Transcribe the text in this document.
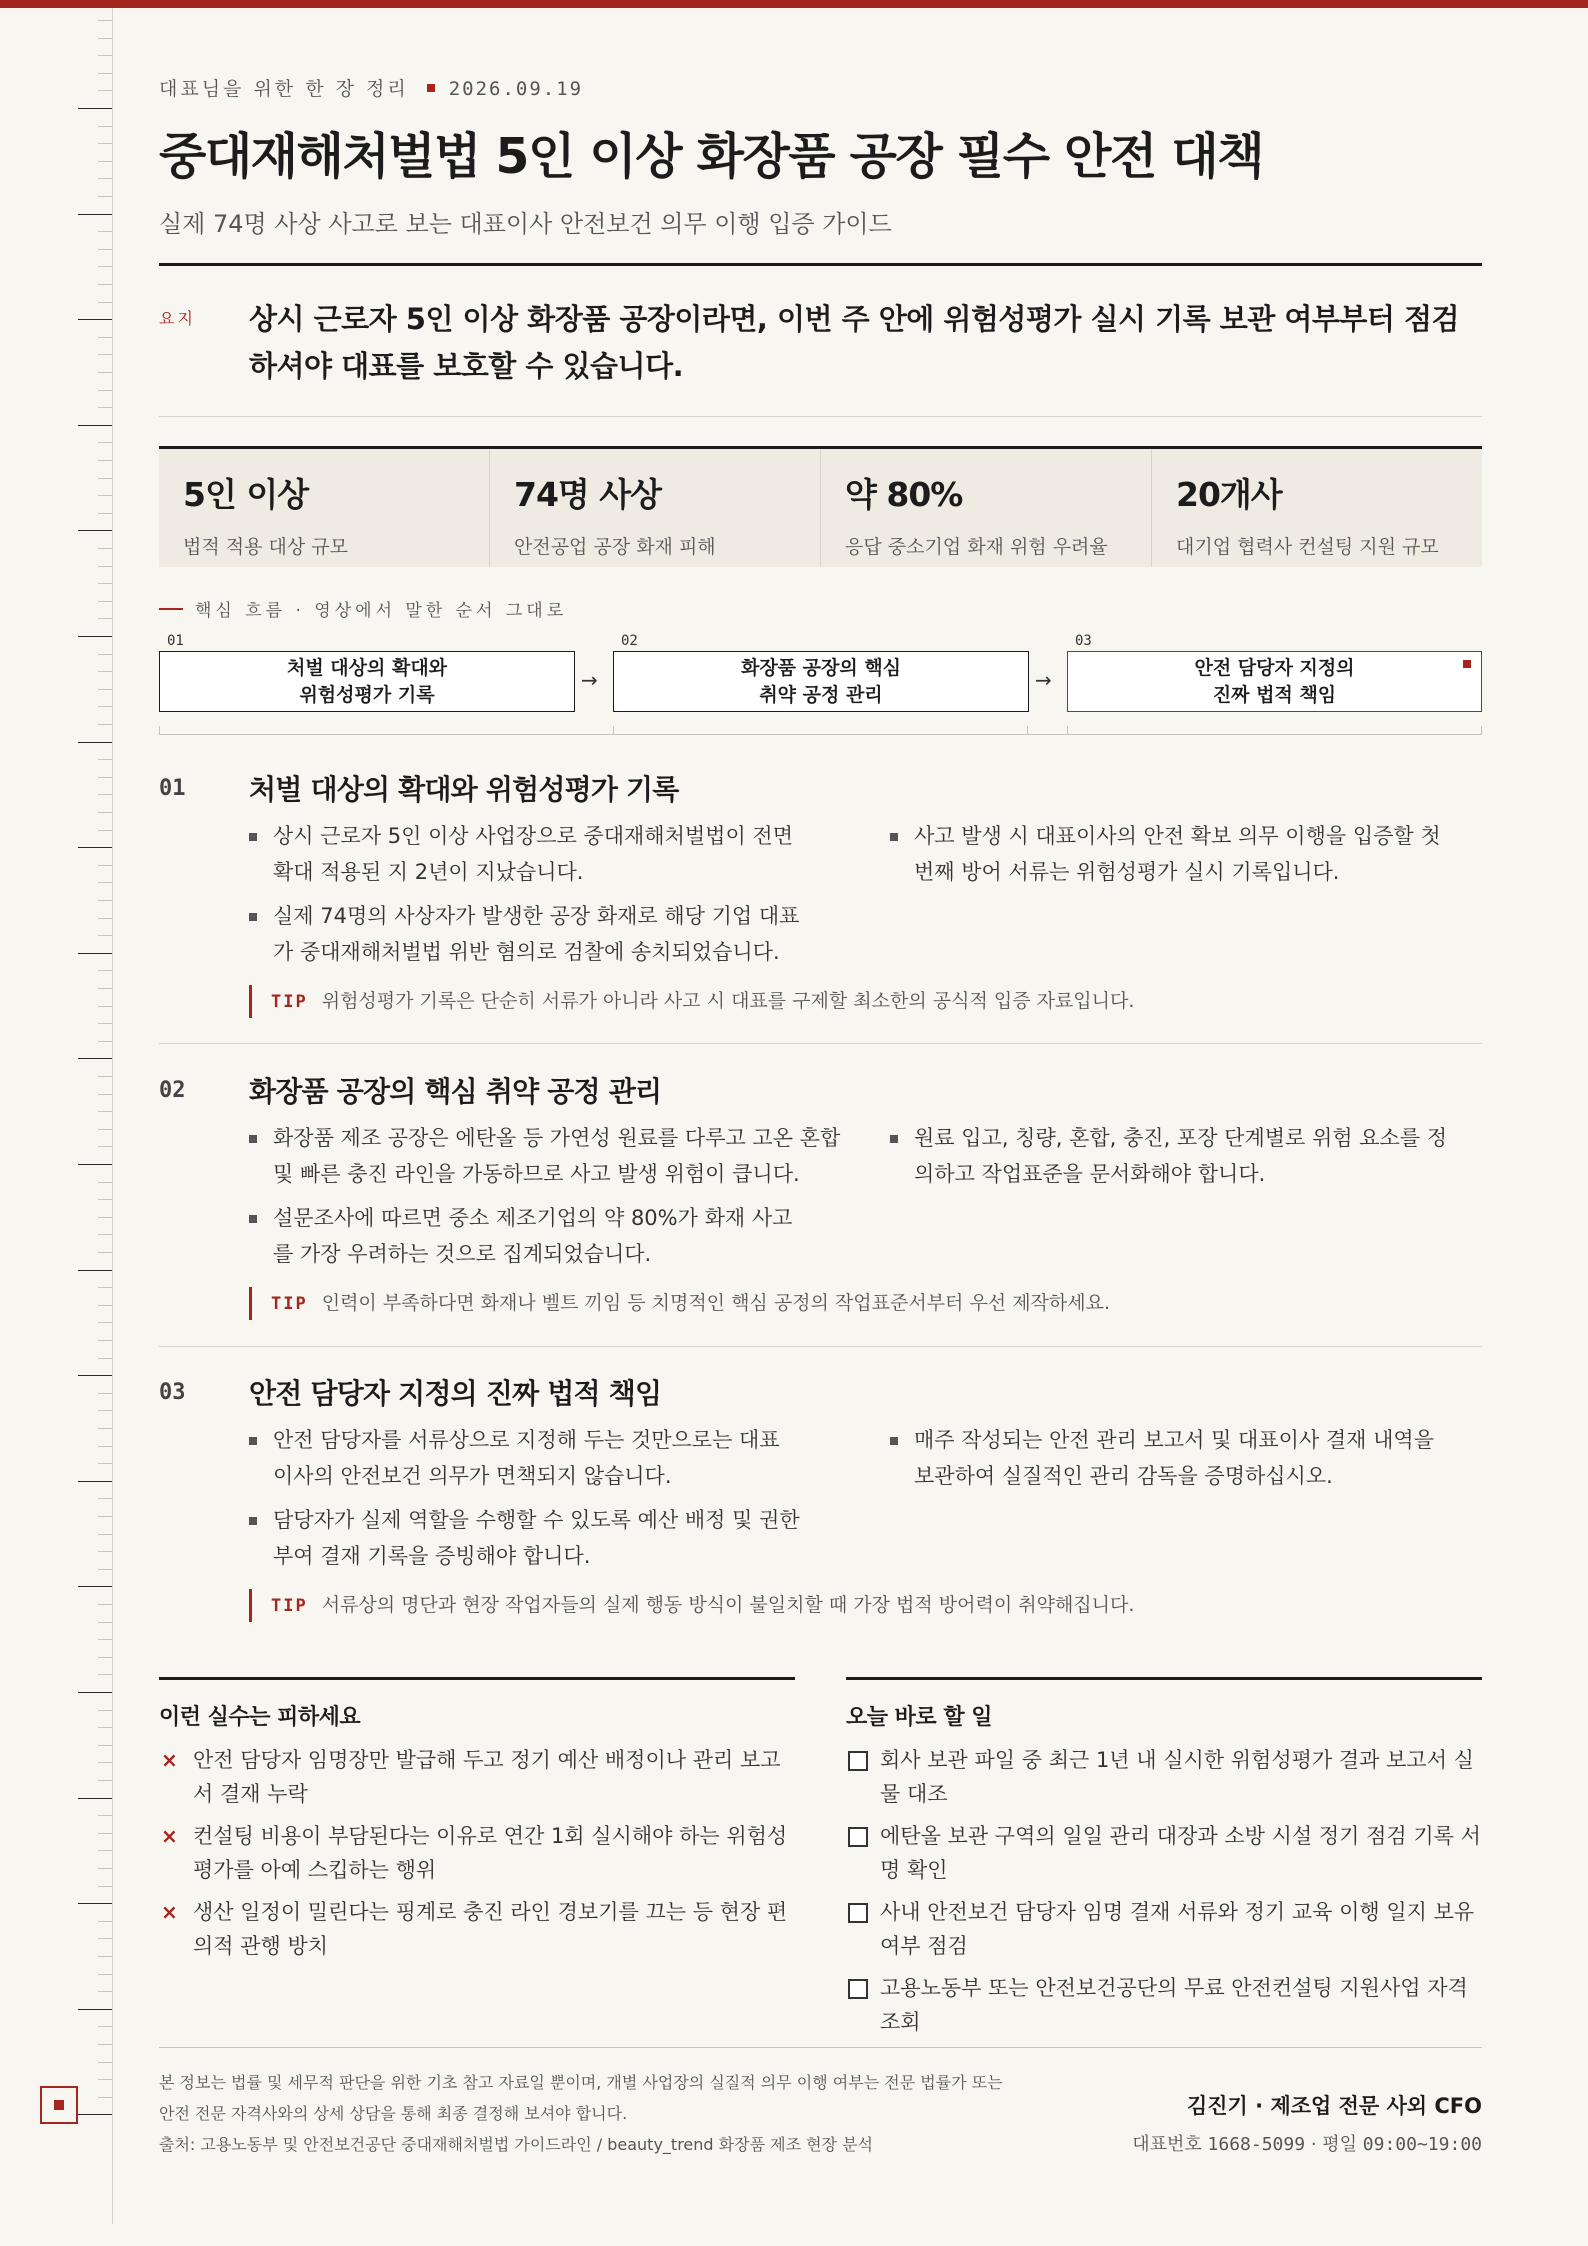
대표님을 위한 한 장 정리 2026.09.19
중대재해처벌법 5인 이상 화장품 공장 필수 안전 대책
실제 74명 사상 사고로 보는 대표이사 안전보건 의무 이행 입증 가이드
요지 상시 근로자 5인 이상 화장품 공장이라면, 이번 주 안에 위험성평가 실시 기록 보관 여부부터 점검하셔야 대표를 보호할 수 있습니다.
5인 이상
법적 적용 대상 규모
74명 사상
안전공업 공장 화재 피해
약 80%
응답 중소기업 화재 위험 우려율
20개사
대기업 협력사 컨설팅 지원 규모
핵심 흐름 · 영상에서 말한 순서 그대로
01
처벌 대상의 확대와
위험성평가 기록
→
02
화장품 공장의 핵심
취약 공정 관리
→
03
안전 담당자 지정의
진짜 법적 책임
01 처벌 대상의 확대와 위험성평가 기록
상시 근로자 5인 이상 사업장으로 중대재해처벌법이 전면 확대 적용된 지 2년이 지났습니다.
실제 74명의 사상자가 발생한 공장 화재로 해당 기업 대표가 중대재해처벌법 위반 혐의로 검찰에 송치되었습니다.
사고 발생 시 대표이사의 안전 확보 의무 이행을 입증할 첫 번째 방어 서류는 위험성평가 실시 기록입니다.
TIP 위험성평가 기록은 단순히 서류가 아니라 사고 시 대표를 구제할 최소한의 공식적 입증 자료입니다.
02 화장품 공장의 핵심 취약 공정 관리
화장품 제조 공장은 에탄올 등 가연성 원료를 다루고 고온 혼합 및 빠른 충진 라인을 가동하므로 사고 발생 위험이 큽니다.
설문조사에 따르면 중소 제조기업의 약 80%가 화재 사고를 가장 우려하는 것으로 집계되었습니다.
원료 입고, 칭량, 혼합, 충진, 포장 단계별로 위험 요소를 정의하고 작업표준을 문서화해야 합니다.
TIP 인력이 부족하다면 화재나 벨트 끼임 등 치명적인 핵심 공정의 작업표준서부터 우선 제작하세요.
03 안전 담당자 지정의 진짜 법적 책임
안전 담당자를 서류상으로 지정해 두는 것만으로는 대표이사의 안전보건 의무가 면책되지 않습니다.
담당자가 실제 역할을 수행할 수 있도록 예산 배정 및 권한 부여 결재 기록을 증빙해야 합니다.
매주 작성되는 안전 관리 보고서 및 대표이사 결재 내역을 보관하여 실질적인 관리 감독을 증명하십시오.
TIP 서류상의 명단과 현장 작업자들의 실제 행동 방식이 불일치할 때 가장 법적 방어력이 취약해집니다.
이런 실수는 피하세요
× 안전 담당자 임명장만 발급해 두고 정기 예산 배정이나 관리 보고서 결재 누락
× 컨설팅 비용이 부담된다는 이유로 연간 1회 실시해야 하는 위험성평가를 아예 스킵하는 행위
× 생산 일정이 밀린다는 핑계로 충진 라인 경보기를 끄는 등 현장 편의적 관행 방치
오늘 바로 할 일
회사 보관 파일 중 최근 1년 내 실시한 위험성평가 결과 보고서 실물 대조
에탄올 보관 구역의 일일 관리 대장과 소방 시설 정기 점검 기록 서명 확인
사내 안전보건 담당자 임명 결재 서류와 정기 교육 이행 일지 보유 여부 점검
고용노동부 또는 안전보건공단의 무료 안전컨설팅 지원사업 자격 조회
본 정보는 법률 및 세무적 판단을 위한 기초 참고 자료일 뿐이며, 개별 사업장의 실질적 의무 이행 여부는 전문 법률가 또는
안전 전문 자격사와의 상세 상담을 통해 최종 결정해 보셔야 합니다.
출처: 고용노동부 및 안전보건공단 중대재해처벌법 가이드라인 / beauty_trend 화장품 제조 현장 분석
김진기 · 제조업 전문 사외 CFO
대표번호 1668-5099 · 평일 09:00~19:00
